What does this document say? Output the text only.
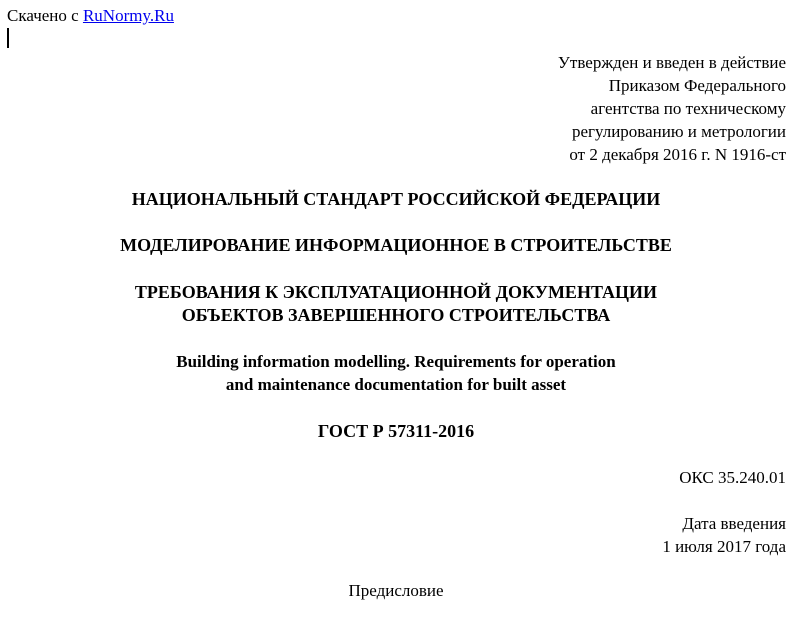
Скачено с RuNormy.Ru
Утвержден и введен в действие
Приказом Федерального
агентства по техническому
регулированию и метрологии
от 2 декабря 2016 г. N 1916-ст
НАЦИОНАЛЬНЫЙ СТАНДАРТ РОССИЙСКОЙ ФЕДЕРАЦИИ
МОДЕЛИРОВАНИЕ ИНФОРМАЦИОННОЕ В СТРОИТЕЛЬСТВЕ
ТРЕБОВАНИЯ К ЭКСПЛУАТАЦИОННОЙ ДОКУМЕНТАЦИИ
ОБЪЕКТОВ ЗАВЕРШЕННОГО СТРОИТЕЛЬСТВА
Building information modelling. Requirements for operation
and maintenance documentation for built asset
ГОСТ Р 57311-2016
ОКС 35.240.01
Дата введения
1 июля 2017 года
Предисловие
